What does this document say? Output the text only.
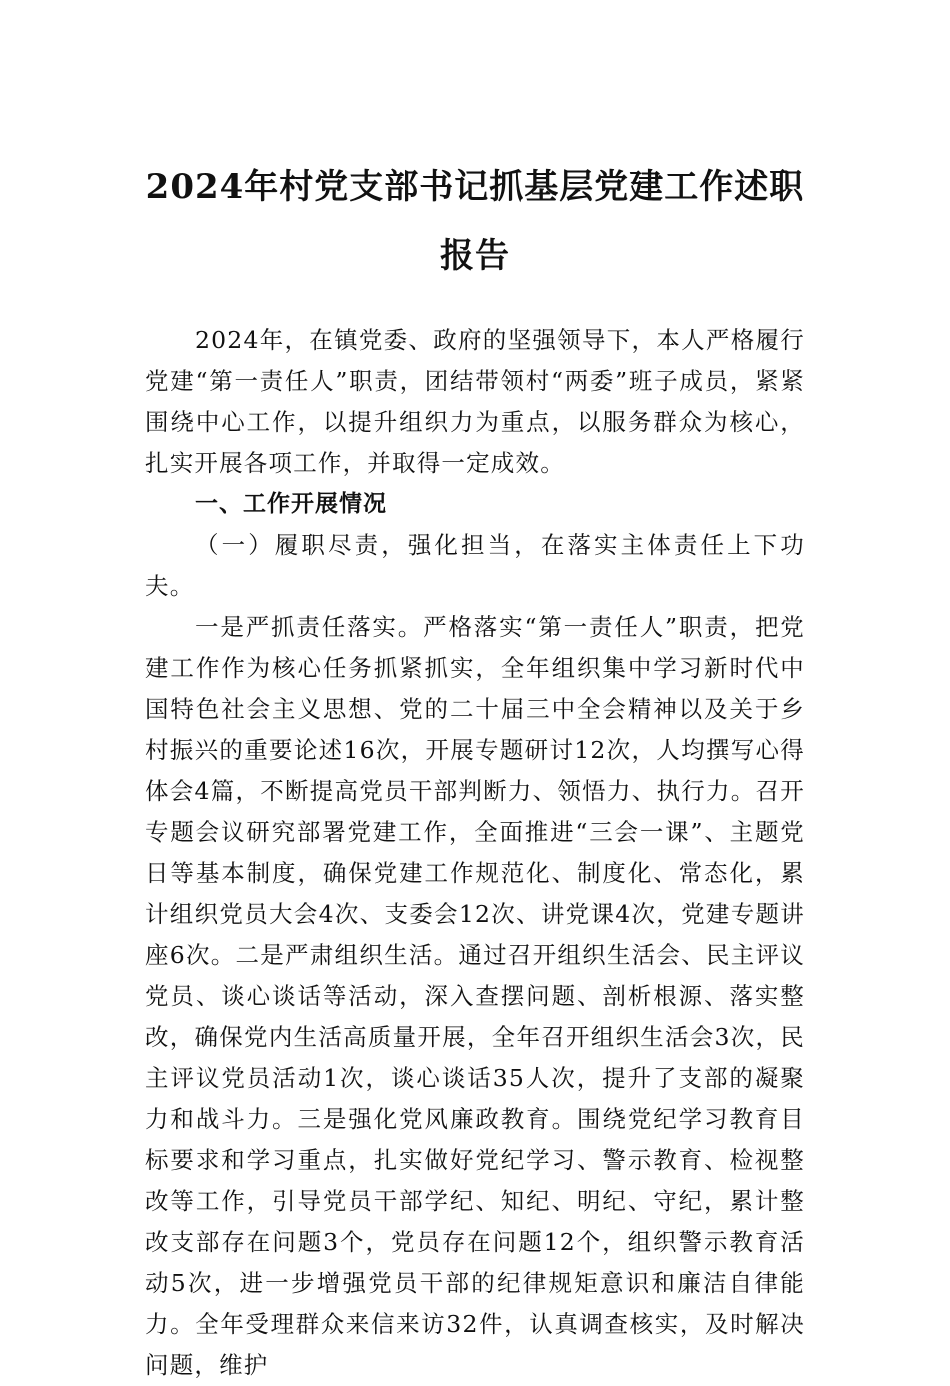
2024年村党支部书记抓基层党建工作述职
报告

2024年，在镇党委、政府的坚强领导下，本人严格履行党建“第一责任人”职责，团结带领村“两委”班子成员，紧紧围绕中心工作，以提升组织力为重点，以服务群众为核心，扎实开展各项工作，并取得一定成效。

一、工作开展情况

（一）履职尽责，强化担当，在落实主体责任上下功夫。

一是严抓责任落实。严格落实“第一责任人”职责，把党建工作作为核心任务抓紧抓实，全年组织集中学习新时代中国特色社会主义思想、党的二十届三中全会精神以及关于乡村振兴的重要论述16次，开展专题研讨12次，人均撰写心得体会4篇，不断提高党员干部判断力、领悟力、执行力。召开专题会议研究部署党建工作，全面推进“三会一课”、主题党日等基本制度，确保党建工作规范化、制度化、常态化，累计组织党员大会4次、支委会12次、讲党课4次，党建专题讲座6次。二是严肃组织生活。通过召开组织生活会、民主评议党员、谈心谈话等活动，深入查摆问题、剖析根源、落实整改，确保党内生活高质量开展，全年召开组织生活会3次，民主评议党员活动1次，谈心谈话35人次，提升了支部的凝聚力和战斗力。三是强化党风廉政教育。围绕党纪学习教育目标要求和学习重点，扎实做好党纪学习、警示教育、检视整改等工作，引导党员干部学纪、知纪、明纪、守纪，累计整改支部存在问题3个，党员存在问题12个，组织警示教育活动5次，进一步增强党员干部的纪律规矩意识和廉洁自律能力。全年受理群众来信来访32件，认真调查核实，及时解决问题，维护
